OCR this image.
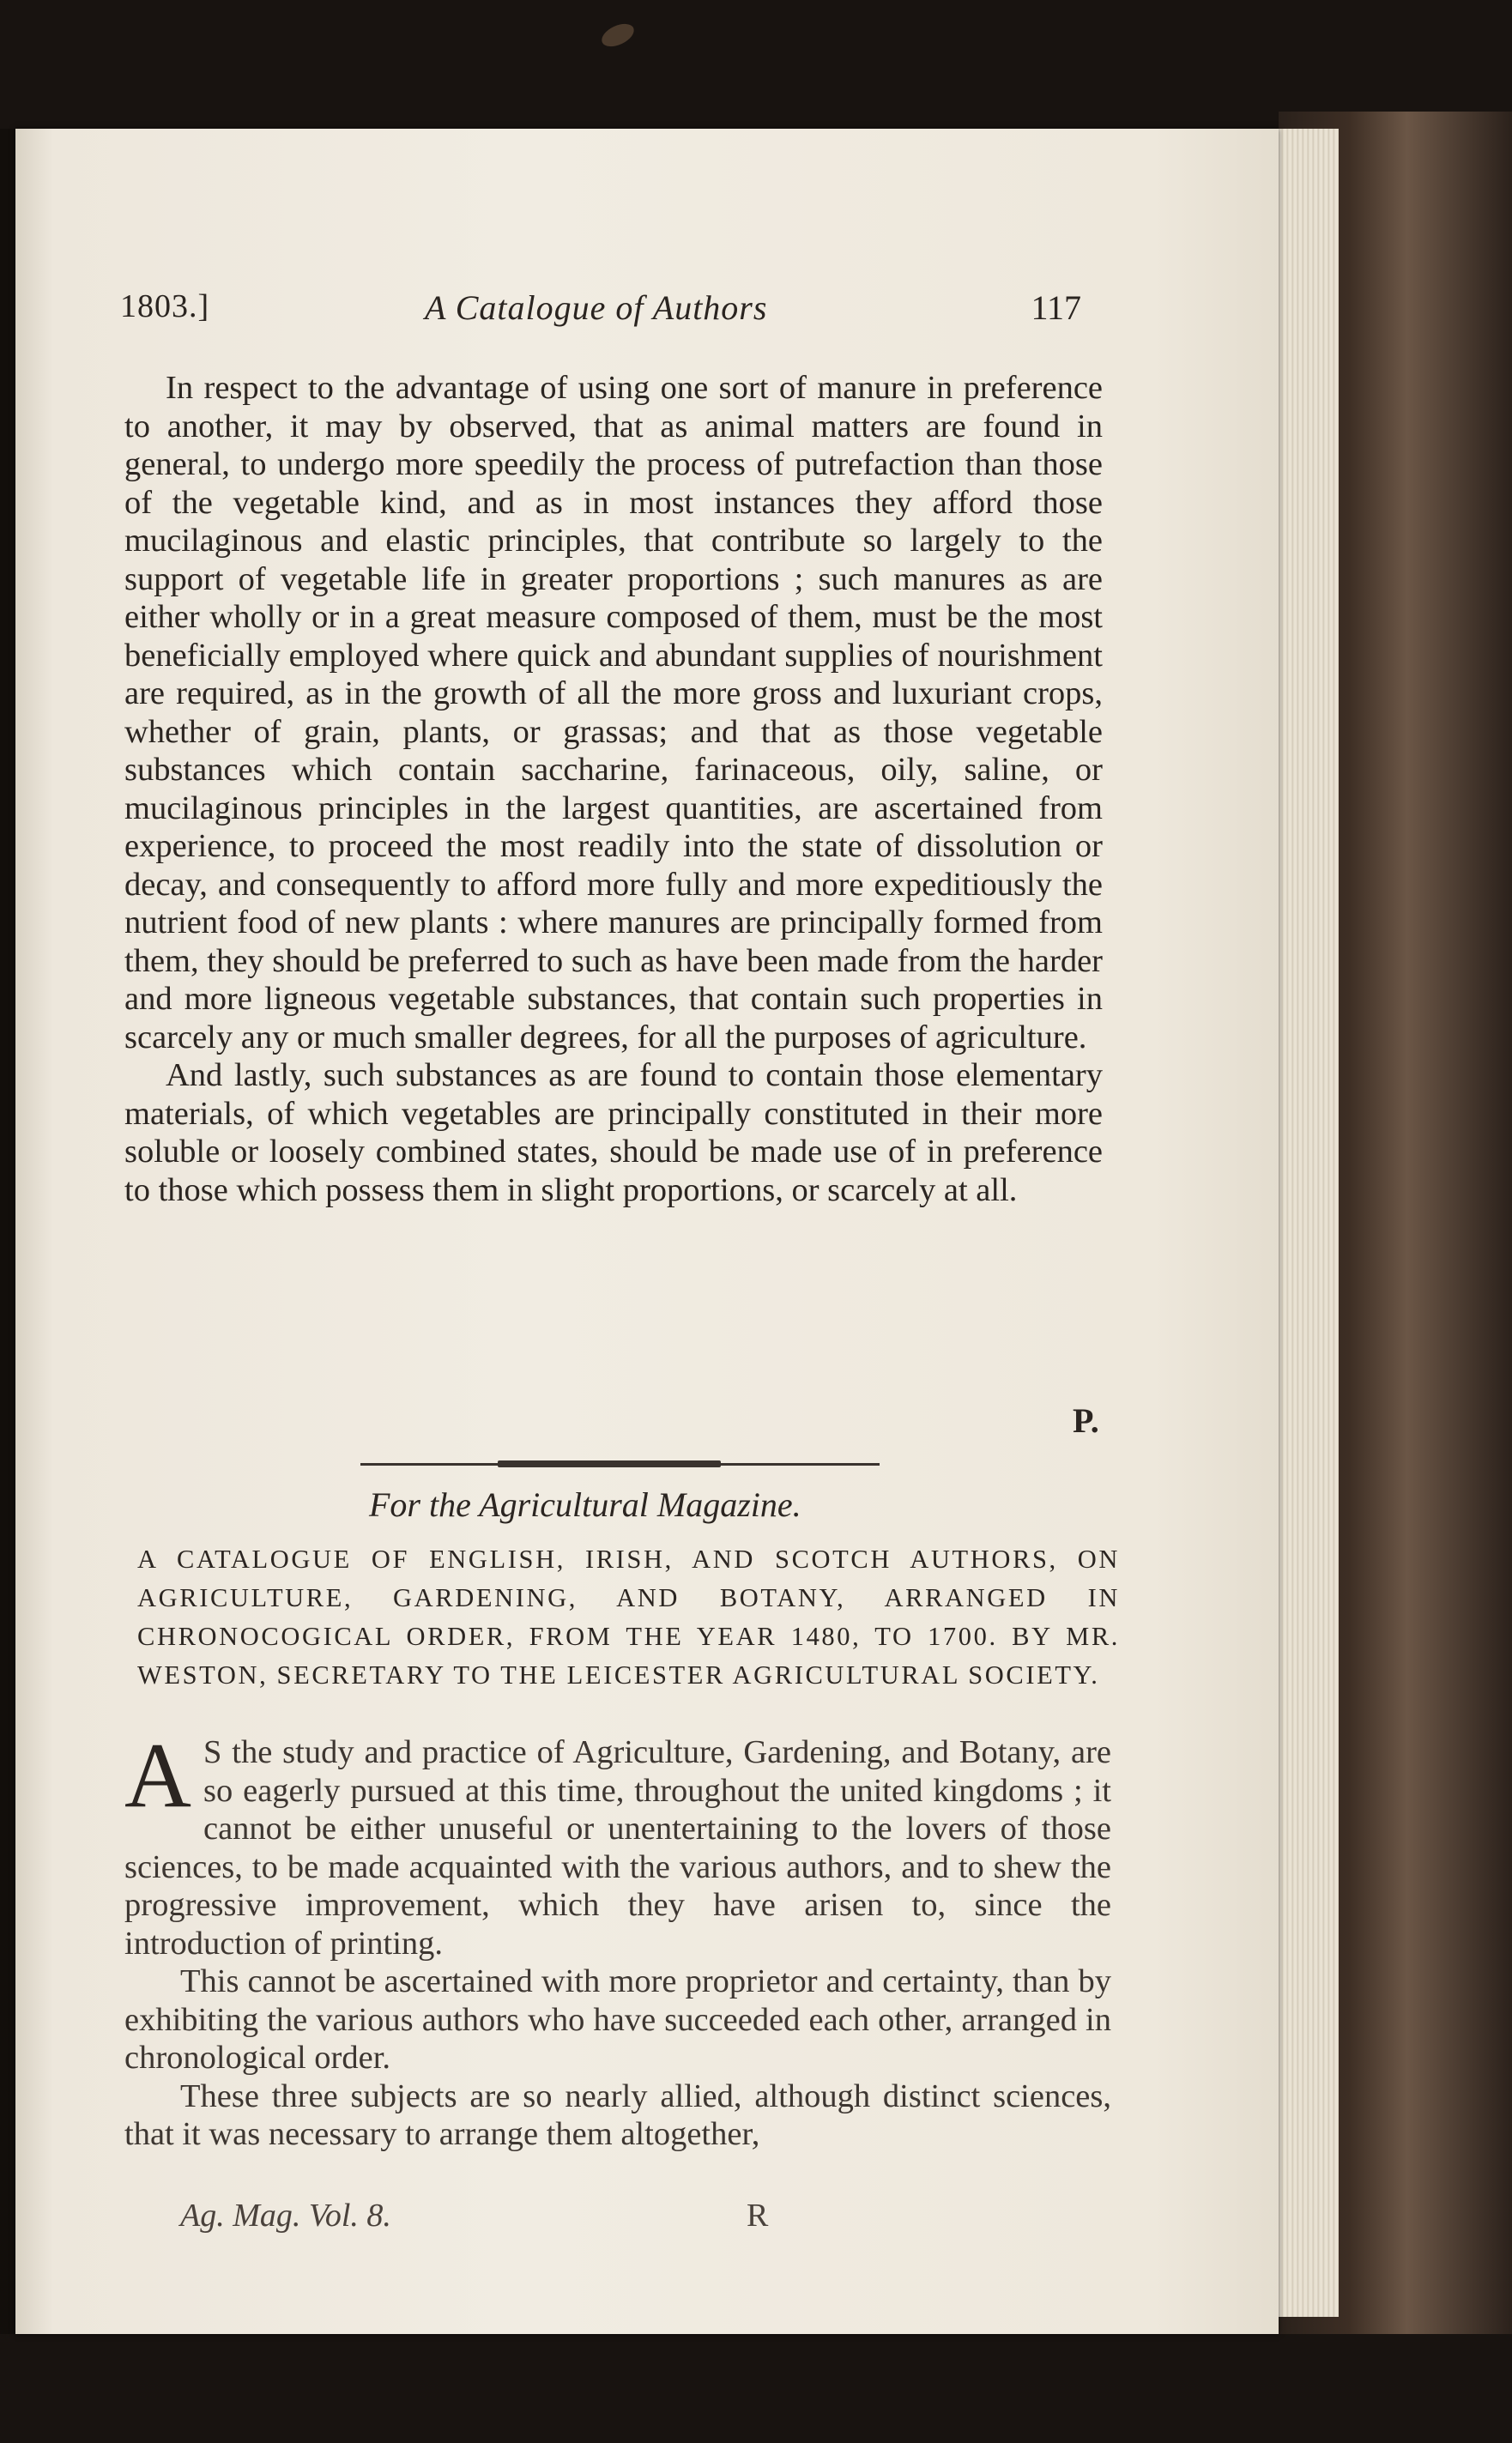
1803.]	A Catalogue of Authors	117

In respect to the advantage of using one sort of manure in preference to another, it may by observed, that as animal matters are found in general, to undergo more speedily the process of putrefaction than those of the vegetable kind, and as in most instances they afford those mucilaginous and elastic principles, that contribute so largely to the support of vegetable life in greater proportions ; such manures as are either wholly or in a great measure composed of them, must be the most beneficially employed where quick and abundant supplies of nourishment are required, as in the growth of all the more gross and luxuriant crops, whether of grain, plants, or grassas; and that as those vegetable substances which contain saccharine, farinaceous, oily, saline, or mucilaginous principles in the largest quantities, are ascertained from experience, to proceed the most readily into the state of dissolution or decay, and consequently to afford more fully and more expeditiously the nutrient food of new plants : where manures are principally formed from them, they should be preferred to such as have been made from the harder and more ligneous vegetable substances, that contain such properties in scarcely any or much smaller degrees, for all the purposes of agriculture.

And lastly, such substances as are found to contain those elementary materials, of which vegetables are principally constituted in their more soluble or loosely combined states, should be made use of in preference to those which possess them in slight proportions, or scarcely at all.

P.
For the Agricultural Magazine.
A CATALOGUE OF ENGLISH, IRISH, AND SCOTCH AUTHORS, ON AGRICULTURE, GARDENING, AND BOTANY, ARRANGED IN CHRONOCOGICAL ORDER, FROM THE YEAR 1480, TO 1700. BY MR. WESTON, SECRETARY TO THE LEICESTER AGRICULTURAL SOCIETY.

A S the study and practice of Agriculture, Gardening, and Botany, are so eagerly pursued at this time, throughout the united kingdoms ; it cannot be either unuseful or unentertaining to the lovers of those sciences, to be made acquainted with the various authors, and to shew the progressive improvement, which they have arisen to, since the introduction of printing.

This cannot be ascertained with more proprietor and certainty, than by exhibiting the various authors who have succeeded each other, arranged in chronological order.

These three subjects are so nearly allied, although distinct sciences, that it was necessary to arrange them altogether,

Ag. Mag. Vol. 8.	R
